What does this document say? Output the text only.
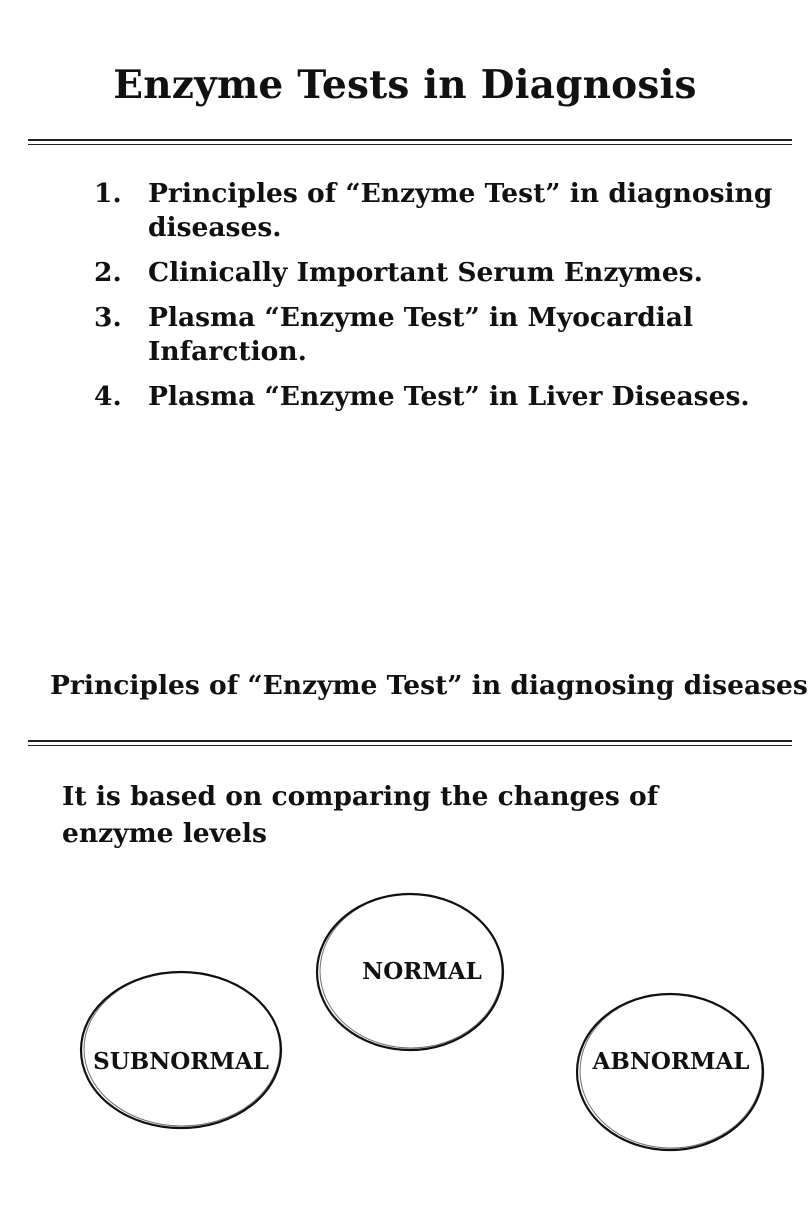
Enzyme Tests in Diagnosis
1. Principles of “Enzyme Test” in diagnosing diseases.
2. Clinically Important Serum Enzymes.
3. Plasma “Enzyme Test” in Myocardial Infarction.
4. Plasma “Enzyme Test” in Liver Diseases.
Principles of “Enzyme Test” in diagnosing diseases

It is based on comparing the changes of enzyme levels

NORMAL
SUBNORMAL	ABNORMAL
